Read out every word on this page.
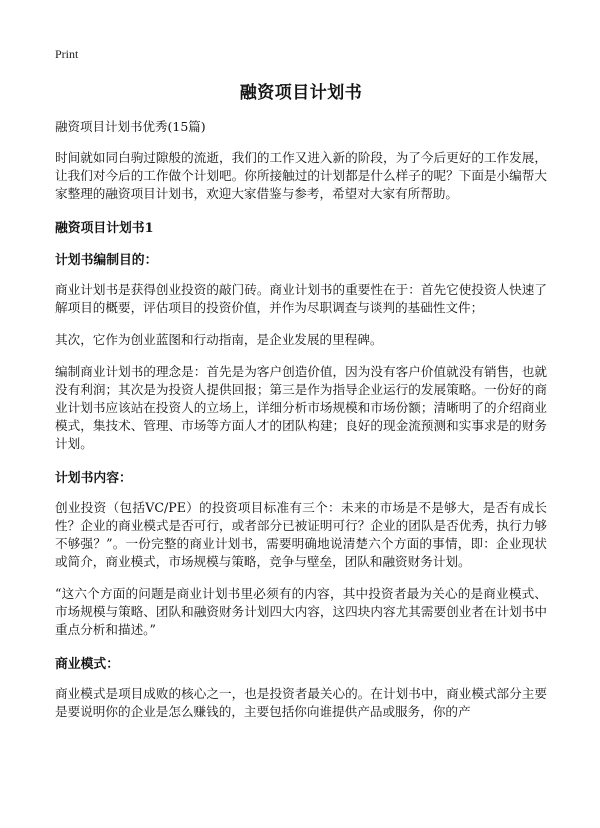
Print
融资项目计划书
融资项目计划书优秀(15篇)

时间就如同白驹过隙般的流逝，我们的工作又进入新的阶段，为了今后更好的工作发展，让我们对今后的工作做个计划吧。你所接触过的计划都是什么样子的呢？下面是小编帮大家整理的融资项目计划书，欢迎大家借鉴与参考，希望对大家有所帮助。

融资项目计划书1
计划书编制目的：

商业计划书是获得创业投资的敲门砖。商业计划书的重要性在于：首先它使投资人快速了解项目的概要，评估项目的投资价值，并作为尽职调查与谈判的基础性文件；

其次，它作为创业蓝图和行动指南，是企业发展的里程碑。

编制商业计划书的理念是：首先是为客户创造价值，因为没有客户价值就没有销售，也就没有利润；其次是为投资人提供回报；第三是作为指导企业运行的发展策略。一份好的商业计划书应该站在投资人的立场上，详细分析市场规模和市场份额；清晰明了的介绍商业模式，集技术、管理、市场等方面人才的团队构建；良好的现金流预测和实事求是的财务计划。

计划书内容：

创业投资（包括VC/PE）的投资项目标准有三个：未来的市场是不是够大，是否有成长性？企业的商业模式是否可行，或者部分已被证明可行？企业的团队是否优秀，执行力够不够强？”。一份完整的商业计划书，需要明确地说清楚六个方面的事情，即：企业现状或简介，商业模式，市场规模与策略，竞争与壁垒，团队和融资财务计划。

“这六个方面的问题是商业计划书里必须有的内容，其中投资者最为关心的是商业模式、市场规模与策略、团队和融资财务计划四大内容，这四块内容尤其需要创业者在计划书中重点分析和描述。”

商业模式：

商业模式是项目成败的核心之一，也是投资者最关心的。在计划书中，商业模式部分主要是要说明你的企业是怎么赚钱的，主要包括你向谁提供产品或服务，你的产
